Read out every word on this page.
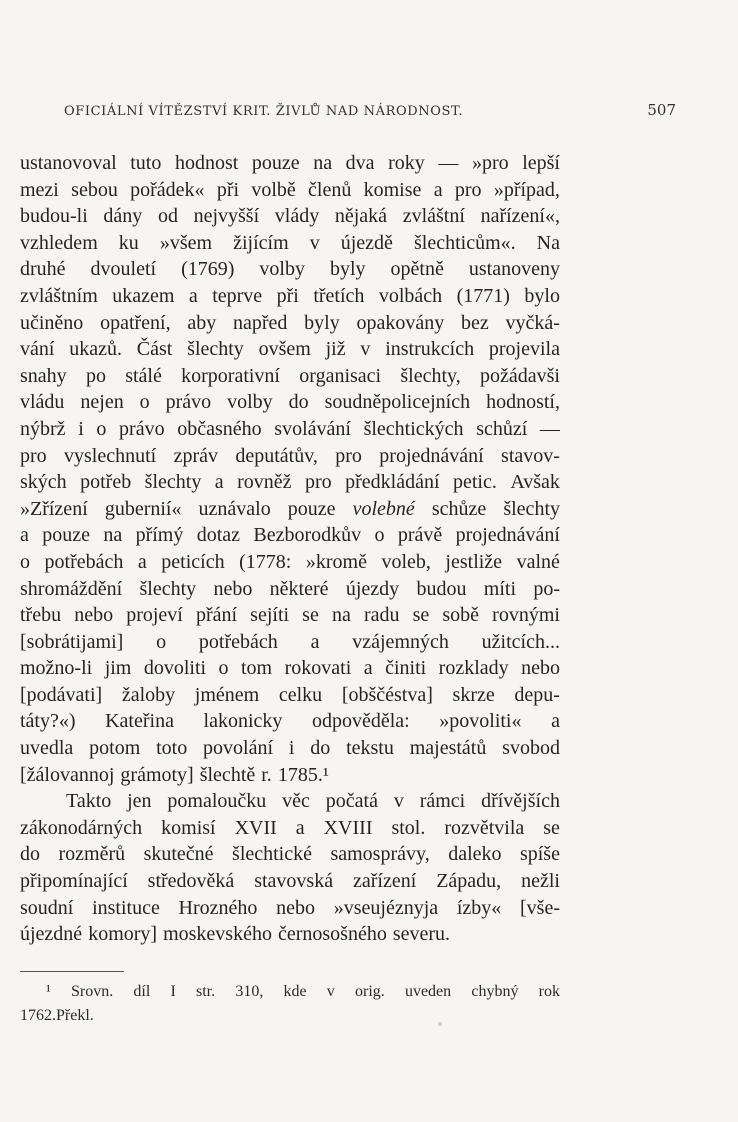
OFICIÁLNÍ VÍTĚZSTVÍ KRIT. ŽIVLŮ NAD NÁRODNOST.	507
ustanovoval tuto hodnost pouze na dva roky — »pro lepší
mezi sebou pořádek« při volbě členů komise a pro »případ,
budou-li dány od nejvyšší vlády nějaká zvláštní nařízení«,
vzhledem ku »všem žijícím v újezdě šlechticům«. Na
druhé dvouletí (1769) volby byly opětně ustanoveny
zvláštním ukazem a teprve při třetích volbách (1771) bylo
učiněno opatření, aby napřed byly opakovány bez vyčká-
vání ukazů. Část šlechty ovšem již v instrukcích projevila
snahy po stálé korporativní organisaci šlechty, požádavši
vládu nejen o právo volby do soudněpolicejních hodností,
nýbrž i o právo občasného svolávání šlechtických schůzí —
pro vyslechnutí zpráv deputátův, pro projednávání stavov-
ských potřeb šlechty a rovněž pro předkládání petic. Avšak
»Zřízení gubernií« uznávalo pouze volebné schůze šlechty
a pouze na přímý dotaz Bezborodkův o právě projednávání
o potřebách a peticích (1778: »kromě voleb, jestliže valné
shromáždění šlechty nebo některé újezdy budou míti po-
třebu nebo projeví přání sejíti se na radu se sobě rovnými
[sobrátijami] o potřebách a vzájemných užitcích...
možno-li jim dovoliti o tom rokovati a činiti rozklady nebo
[podávati] žaloby jménem celku [obščéstva] skrze depu-
táty?«) Kateřina lakonicky odpověděla: »povoliti« a
uvedla potom toto povolání i do tekstu majestátů svobod
[žálovannoj grámoty] šlechtě r. 1785.¹
Takto jen pomaloučku věc počatá v rámci dřívějších
zákonodárných komisí XVII a XVIII stol. rozvětvila se
do rozměrů skutečné šlechtické samosprávy, daleko spíše
připomínající středověká stavovská zařízení Západu, nežli
soudní instituce Hrozného nebo »vseujéznyja ízby« [vše-
újezdné komory] moskevského černosošného severu.
¹ Srovn. díl I str. 310, kde v orig. uveden chybný rok
1762. Překl.
